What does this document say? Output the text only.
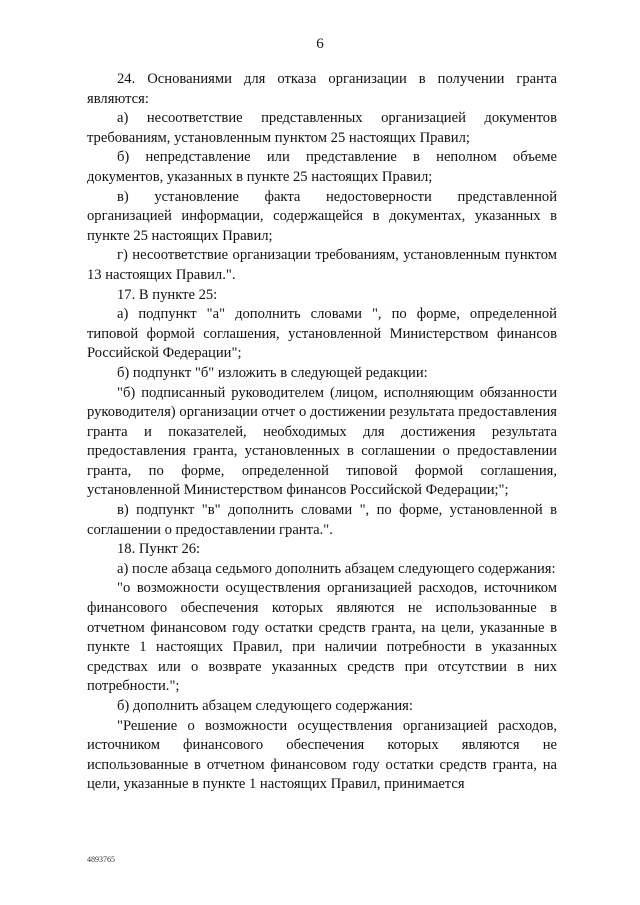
6

24. Основаниями для отказа организации в получении гранта являются:

а) несоответствие представленных организацией документов требованиям, установленным пунктом 25 настоящих Правил;

б) непредставление или представление в неполном объеме документов, указанных в пункте 25 настоящих Правил;

в) установление факта недостоверности представленной организацией информации, содержащейся в документах, указанных в пункте 25 настоящих Правил;

г) несоответствие организации требованиям, установленным пунктом 13 настоящих Правил.".

17. В пункте 25:

а) подпункт "а" дополнить словами ", по форме, определенной типовой формой соглашения, установленной Министерством финансов Российской Федерации";

б) подпункт "б" изложить в следующей редакции:

"б) подписанный руководителем (лицом, исполняющим обязанности руководителя) организации отчет о достижении результата предоставления гранта и показателей, необходимых для достижения результата предоставления гранта, установленных в соглашении о предоставлении гранта, по форме, определенной типовой формой соглашения, установленной Министерством финансов Российской Федерации;";

в) подпункт "в" дополнить словами ", по форме, установленной в соглашении о предоставлении гранта.".

18. Пункт 26:

а) после абзаца седьмого дополнить абзацем следующего содержания:

"о возможности осуществления организацией расходов, источником финансового обеспечения которых являются не использованные в отчетном финансовом году остатки средств гранта, на цели, указанные в пункте 1 настоящих Правил, при наличии потребности в указанных средствах или о возврате указанных средств при отсутствии в них потребности.";

б) дополнить абзацем следующего содержания:

"Решение о возможности осуществления организацией расходов, источником финансового обеспечения которых являются не использованные в отчетном финансовом году остатки средств гранта, на цели, указанные в пункте 1 настоящих Правил, принимается

4893765
